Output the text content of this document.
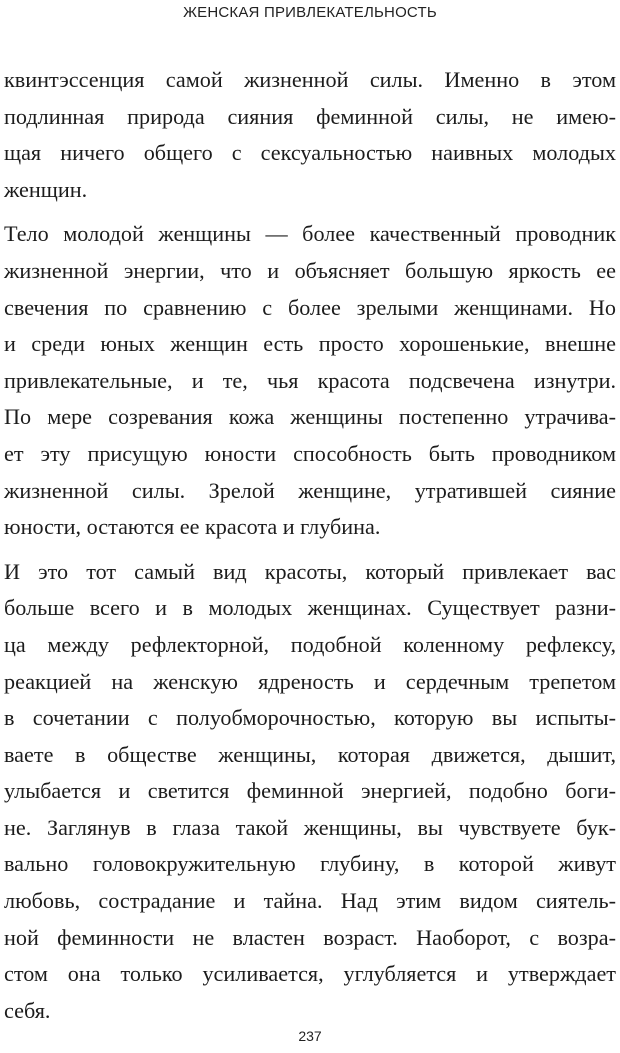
ЖЕНСКАЯ ПРИВЛЕКАТЕЛЬНОСТЬ
квинтэссенция самой жизненной силы. Именно в этом
подлинная природа сияния феминной силы, не имею-
щая ничего общего с сексуальностью наивных молодых
женщин.
Тело молодой женщины — более качественный проводник
жизненной энергии, что и объясняет большую яркость ее
свечения по сравнению с более зрелыми женщинами. Но
и среди юных женщин есть просто хорошенькие, внешне
привлекательные, и те, чья красота подсвечена изнутри.
По мере созревания кожа женщины постепенно утрачива-
ет эту присущую юности способность быть проводником
жизненной силы. Зрелой женщине, утратившей сияние
юности, остаются ее красота и глубина.
И это тот самый вид красоты, который привлекает вас
больше всего и в молодых женщинах. Существует разни-
ца между рефлекторной, подобной коленному рефлексу,
реакцией на женскую ядреность и сердечным трепетом
в сочетании с полуобморочностью, которую вы испыты-
ваете в обществе женщины, которая движется, дышит,
улыбается и светится феминной энергией, подобно боги-
не. Заглянув в глаза такой женщины, вы чувствуете бук-
вально головокружительную глубину, в которой живут
любовь, сострадание и тайна. Над этим видом сиятель-
ной феминности не властен возраст. Наоборот, с возра-
стом она только усиливается, углубляется и утверждает
себя.
237
